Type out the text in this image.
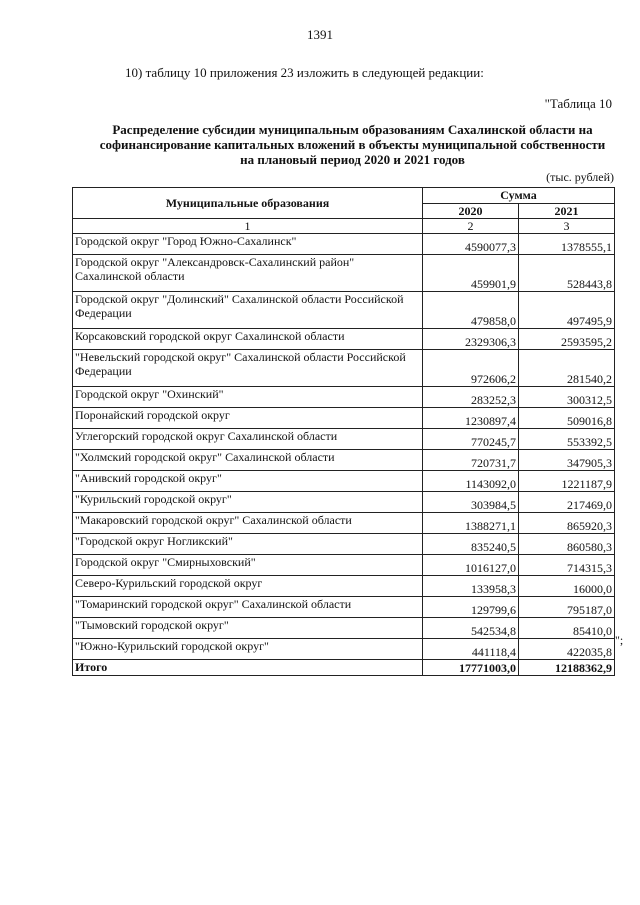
1391
10) таблицу 10 приложения 23 изложить в следующей редакции:
"Таблица 10
Распределение субсидии муниципальным образованиям Сахалинской области на
софинансирование капитальных вложений в объекты муниципальной собственности
на плановый период 2020 и 2021 годов
(тыс. рублей)
Муниципальные образования	Сумма	
	2020	2021
1	2	3
Городской округ "Город Южно-Сахалинск"	4590077,3	1378555,1
Городской округ "Александровск-Сахалинский район" Сахалинской области	459901,9	528443,8
Городской округ "Долинский" Сахалинской области Российской Федерации	479858,0	497495,9
Корсаковский городской округ Сахалинской области	2329306,3	2593595,2
"Невельский городской округ" Сахалинской области Российской Федерации	972606,2	281540,2
Городской округ "Охинский"	283252,3	300312,5
Поронайский городской округ	1230897,4	509016,8
Углегорский городской округ Сахалинской области	770245,7	553392,5
"Холмский городской округ" Сахалинской области	720731,7	347905,3
"Анивский городской округ"	1143092,0	1221187,9
"Курильский городской округ"	303984,5	217469,0
"Макаровский городской округ" Сахалинской области	1388271,1	865920,3
"Городской округ Ногликский"	835240,5	860580,3
Городской округ "Смирныховский"	1016127,0	714315,3
Северо-Курильский городской округ	133958,3	16000,0
"Томаринский городской округ" Сахалинской области	129799,6	795187,0
"Тымовский городской округ"	542534,8	85410,0
"Южно-Курильский городской округ"	441118,4	422035,8
Итого	17771003,0	12188362,9
";
